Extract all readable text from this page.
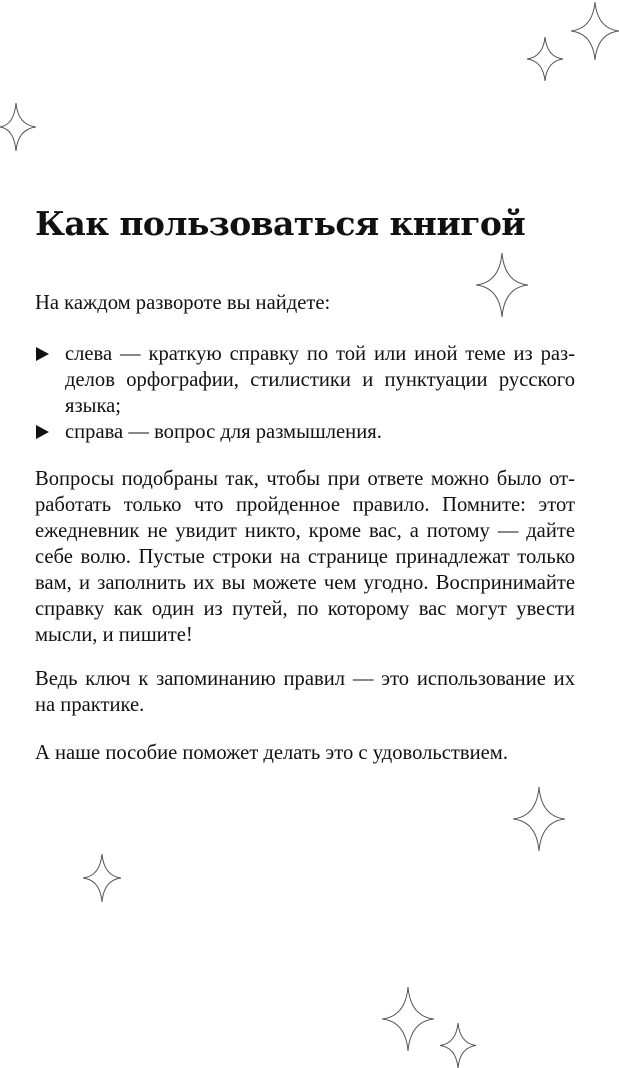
Как пользоваться книгой

На каждом развороте вы найдете:

слева — краткую справку по той или иной теме из разделов орфографии, стилистики и пунктуации русского языка;
справа — вопрос для размышления.

Вопросы подобраны так, чтобы при ответе можно было отработать только что пройденное правило. Помните: этот ежедневник не увидит никто, кроме вас, а потому — дайте себе волю. Пустые строки на странице принадлежат только вам, и заполнить их вы можете чем угодно. Воспринимайте справку как один из путей, по которому вас могут увести мысли, и пишите!

Ведь ключ к запоминанию правил — это использование их на практике.

А наше пособие поможет делать это с удовольствием.
